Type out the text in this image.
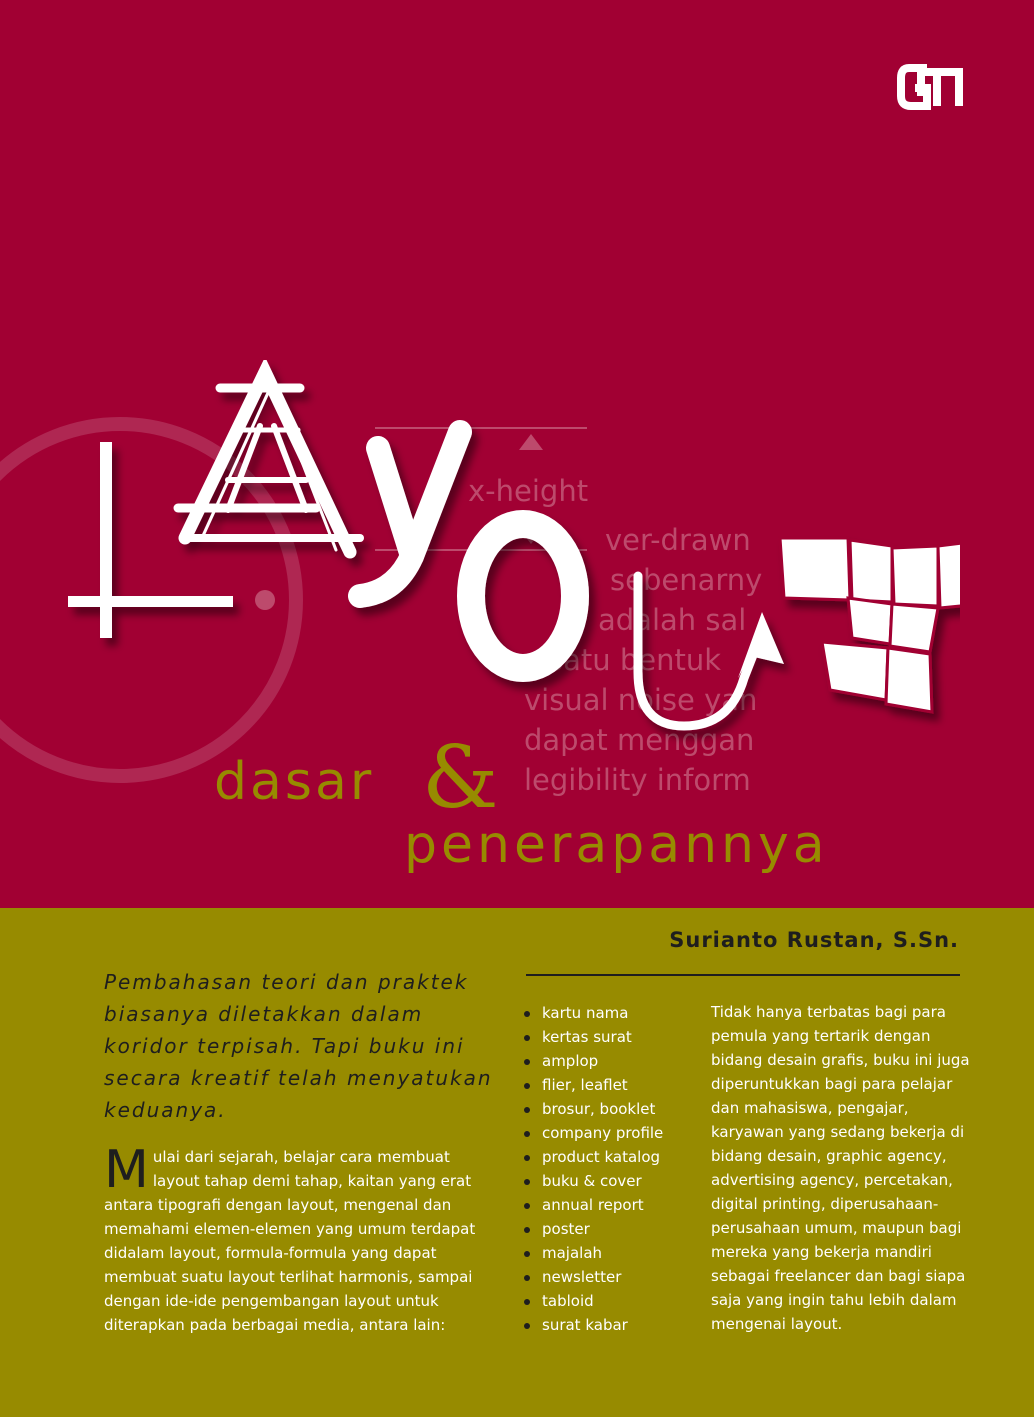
x-height
ver-drawn
sebenarny
adalah sal
satu bentuk
visual noise yan
dapat menggan
legibility inform
dasar &
penerapannya
Surianto Rustan, S.Sn.
Pembahasan teori dan praktek biasanya diletakkan dalam koridor terpisah. Tapi buku ini secara kreatif telah menyatukan keduanya.
Mulai dari sejarah, belajar cara membuat layout tahap demi tahap, kaitan yang erat antara tipografi dengan layout, mengenal dan memahami elemen-elemen yang umum terdapat didalam layout, formula-formula yang dapat membuat suatu layout terlihat harmonis, sampai dengan ide-ide pengembangan layout untuk diterapkan pada berbagai media, antara lain:
kartu nama
kertas surat
amplop
flier, leaflet
brosur, booklet
company profile
product katalog
buku & cover
annual report
poster
majalah
newsletter
tabloid
surat kabar
Tidak hanya terbatas bagi para pemula yang tertarik dengan bidang desain grafis, buku ini juga diperuntukkan bagi para pelajar dan mahasiswa, pengajar, karyawan yang sedang bekerja di bidang desain, graphic agency, advertising agency, percetakan, digital printing, diperusahaan-perusahaan umum, maupun bagi mereka yang bekerja mandiri sebagai freelancer dan bagi siapa saja yang ingin tahu lebih dalam mengenai layout.
